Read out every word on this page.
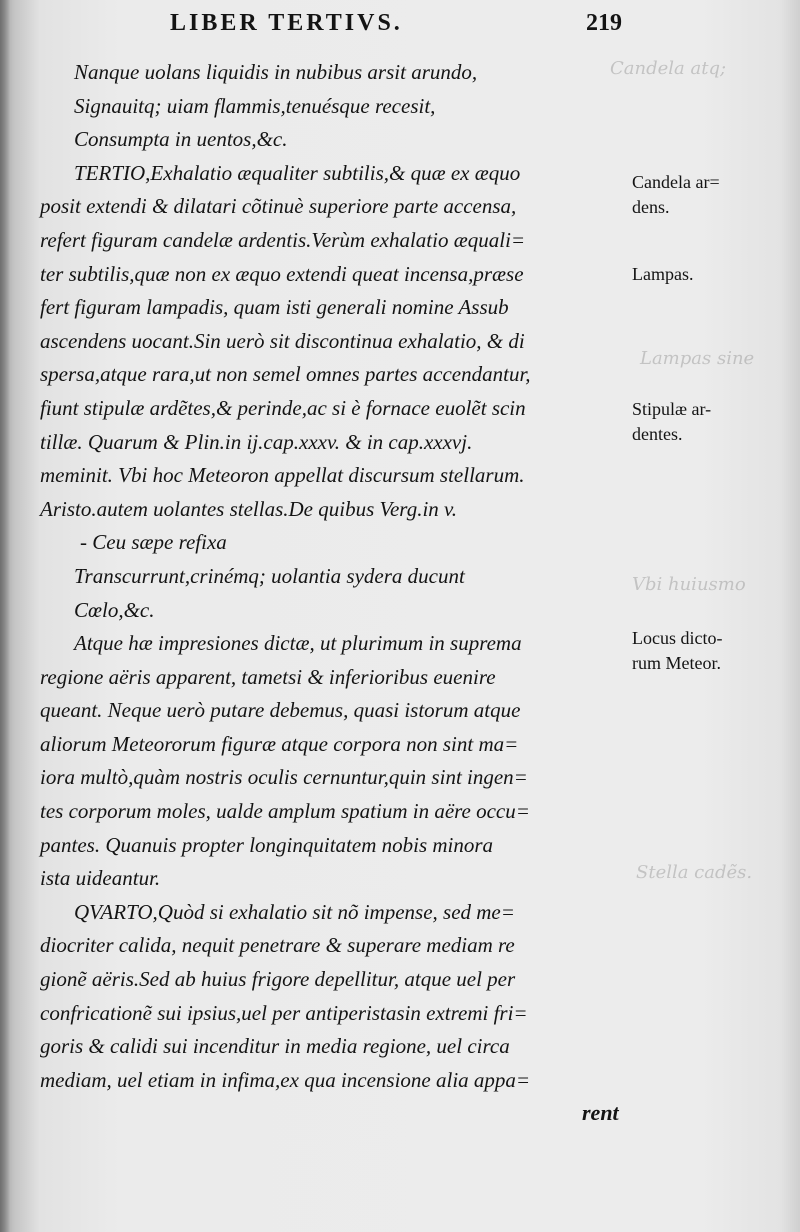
Candela atq;
Lampas sine
Stella cadẽs.
Vbi huiusmo
LIBER TERTIVS.	219
Nanque uolans liquidis in nubibus arsit arundo,
Signauitq; uiam flammis,tenuésque recesit,
Consumpta in uentos,&c.
TERTIO,Exhalatio æqualiter subtilis,& quæ ex æquo
posit extendi & dilatari cõtinuè superiore parte accensa,
refert figuram candelæ ardentis.Verùm exhalatio æquali=
ter subtilis,quæ non ex æquo extendi queat incensa,præse
fert figuram lampadis, quam isti generali nomine Assub
ascendens uocant.Sin uerò sit discontinua exhalatio, & di
spersa,atque rara,ut non semel omnes partes accendantur,
fiunt stipulæ ardẽtes,& perinde,ac si è fornace euolẽt scin
tillæ. Quarum & Plin.in ij.cap.xxxv. & in cap.xxxvj.
meminit. Vbi hoc Meteoron appellat discursum stellarum.
Aristo.autem uolantes stellas.De quibus Verg.in v.
- Ceu sæpe refixa
Transcurrunt,crinémq; uolantia sydera ducunt
Cœlo,&c.
Atque hæ impresiones dictæ, ut plurimum in suprema
regione aëris apparent, tametsi & inferioribus euenire
queant. Neque uerò putare debemus, quasi istorum atque
aliorum Meteororum figuræ atque corpora non sint ma=
iora multò,quàm nostris oculis cernuntur,quin sint ingen=
tes corporum moles, ualde amplum spatium in aëre occu=
pantes. Quanuis propter longinquitatem nobis minora
ista uideantur.
QVARTO,Quòd si exhalatio sit nõ impense, sed me=
diocriter calida, nequit penetrare & superare mediam re
gionẽ aëris.Sed ab huius frigore depellitur, atque uel per
confricationẽ sui ipsius,uel per antiperistasin extremi fri=
goris & calidi sui incenditur in media regione, uel circa
mediam, uel etiam in infima,ex qua incensione alia appa=
rent
Candela ar=
dens.
Lampas.
Stipulæ ar-
dentes.
Locus dicto-
rum Meteor.
